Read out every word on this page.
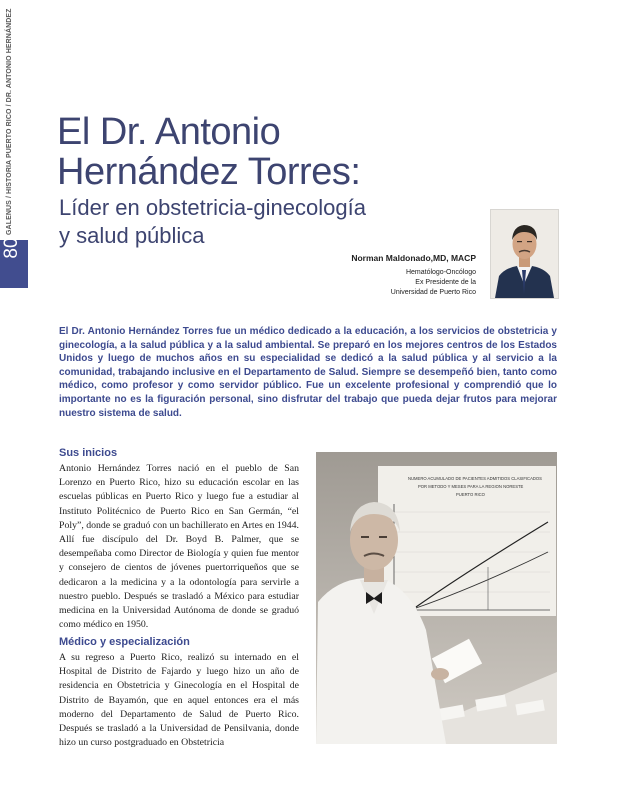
GALENUS / HISTORIA PUERTO RICO / DR. ANTONIO HERNÁNDEZ
80
El Dr. Antonio
Hernández Torres:
Líder en obstetricia-ginecología
y salud pública
Norman Maldonado,MD, MACP
Hematólogo-Oncólogo
Ex Presidente de la
Universidad de Puerto Rico
El Dr. Antonio Hernández Torres fue un médico dedicado a la educación, a los servicios de obstetricia y ginecología, a la salud pública y a la salud ambiental. Se preparó en los mejores centros de los Estados Unidos y luego de muchos años en su especialidad se dedicó a la salud pública y al servicio a la comunidad, trabajando inclusive en el Departamento de Salud. Siempre se desempeñó bien, tanto como médico, como profesor y como servidor público. Fue un excelente profesional y comprendió que lo importante no es la figuración personal, sino disfrutar del trabajo que pueda dejar frutos para mejorar nuestro sistema de salud.
Sus inicios
Antonio Hernández Torres nació en el pueblo de San Lorenzo en Puerto Rico, hizo su educación escolar en las escuelas públicas en Puerto Rico y luego fue a estudiar al Instituto Politécnico de Puerto Rico en San Germán, “el Poly”, donde se graduó con un bachillerato en Artes en 1944. Allí fue discípulo del Dr. Boyd B. Palmer, que se desempeñaba como Director de Biología y quien fue mentor y consejero de cientos de jóvenes puertorriqueños que se dedicaron a la medicina y a la odontología para servirle a nuestro pueblo. Después se trasladó a México para estudiar medicina en la Universidad Autónoma de donde se graduó como médico en 1950.
Médico y especialización
A su regreso a Puerto Rico, realizó su internado en el Hospital de Distrito de Fajardo y luego hizo un año de residencia en Obstetricia y Ginecología en el Hospital de Distrito de Bayamón, que en aquel entonces era el más moderno del Departamento de Salud de Puerto Rico. Después se trasladó a la Universidad de Pensilvania, donde hizo un curso postgraduado en Obstetricia
NUMERO ACUMULADO DE PACIENTES ADMITIDOS CLASIFICADOS
POR METODO Y MESES PARA LA REGION NORESTE
PUERTO RICO
